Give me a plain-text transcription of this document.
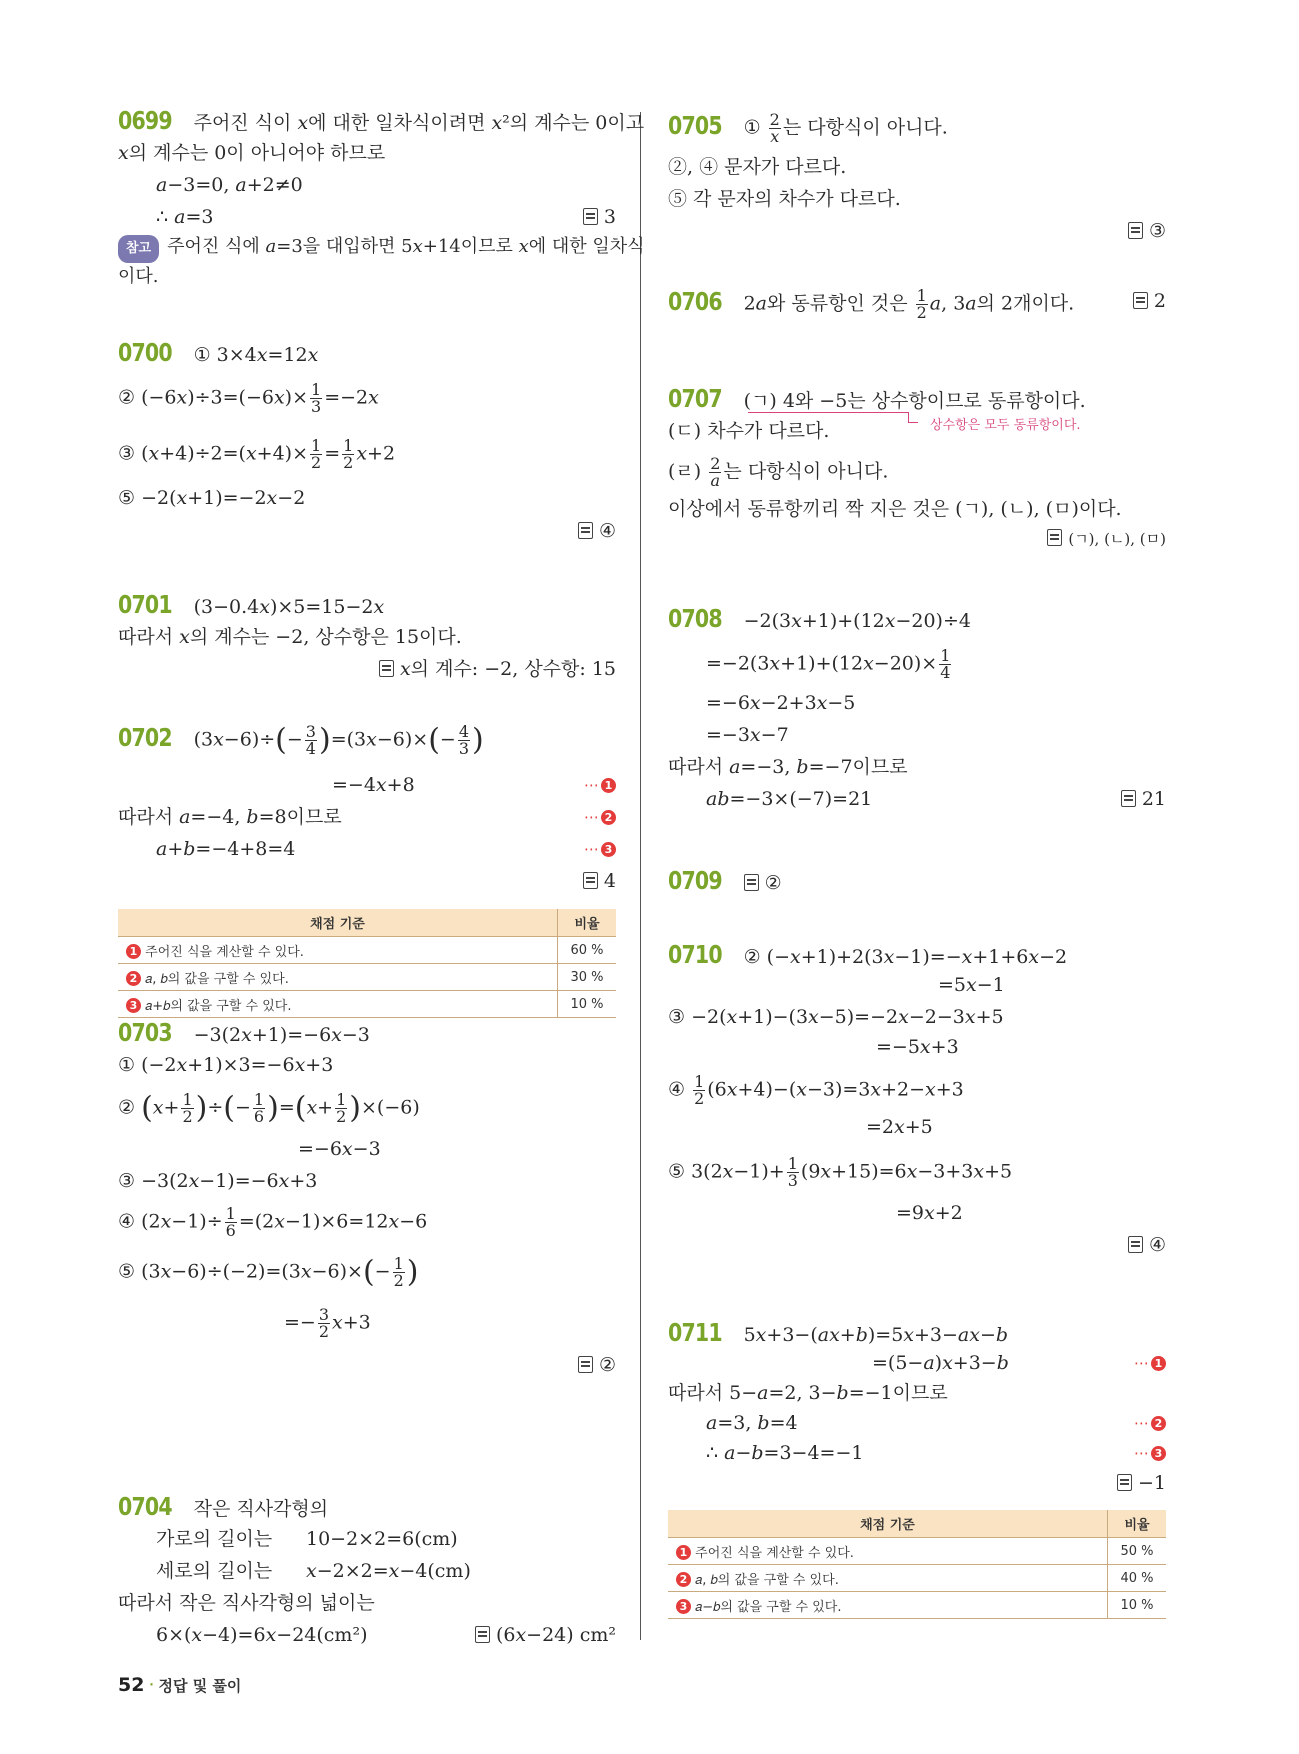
0699 주어진 식이 𝑥에 대한 일차식이려면 𝑥²의 계수는 0이고
𝑥의 계수는 0이 아니어야 하므로
𝑎−3=0, 𝑎+2≠0
∴ 𝑎=3	3
참고 주어진 식에 𝑎=3을 대입하면 5𝑥+14이므로 𝑥에 대한 일차식
이다.
0700 ① 3×4𝑥=12𝑥
② (−6𝑥)÷3=(−6𝑥)× $\frac{1}{3}$ =−2𝑥
③ (𝑥+4)÷2=(𝑥+4)× $\frac{1}{2} = \frac{1}{2}$ 𝑥+2
⑤ −2(𝑥+1)=−2𝑥−2
④
0701 (3−0.4𝑥)×5=15−2𝑥
따라서 𝑥의 계수는 −2, 상수항은 15이다.
𝑥의 계수: −2, 상수항: 15
0702 (3𝑥−6)÷(− $\frac{3}{4}$ )=(3𝑥−6)×(− $\frac{4}{3}$ )
=−4𝑥+8	⋯ 1
따라서 𝑎=−4, 𝑏=8이므로	⋯ 2
𝑎+𝑏=−4+8=4	⋯ 3
4
채점 기준	비율
1 주어진 식을 계산할 수 있다.	60 %
2 𝑎, 𝑏의 값을 구할 수 있다.	30 %
3 𝑎+𝑏의 값을 구할 수 있다.	10 %
0703 −3(2𝑥+1)=−6𝑥−3
① (−2𝑥+1)×3=−6𝑥+3
② (𝑥+ $\frac{1}{2}$ )÷(− $\frac{1}{6}$ )=(𝑥+ $\frac{1}{2} )\times(-6)$
=−6𝑥−3
③ −3(2𝑥−1)=−6𝑥+3
④ (2𝑥−1)÷ $\frac{1}{6}$ =(2𝑥−1)×6=12𝑥−6
⑤ (3𝑥−6)÷(−2)=(3𝑥−6)×(− $\frac{1}{2}$ )
=− $\frac{3}{2}$ 𝑥+3
②
0704 작은 직사각형의
가로의 길이는 10−2×2=6(cm)
세로의 길이는 𝑥−2×2=𝑥−4(cm)
따라서 작은 직사각형의 넓이는
6×(𝑥−4)=6𝑥−24(cm²)	(6𝑥−24) cm²
0705 ① $\frac{2}{\text{𝑥}}$ 는 다항식이 아니다.
②, ④ 문자가 다르다.
⑤ 각 문자의 차수가 다르다.
③
0706 2𝑎와 동류항인 것은 $\frac{1}{2}$ 𝑎, 3𝑎의 2개이다.	2
0707 (ㄱ) 4와 −5는 상수항이므로 동류항이다.
상수항은 모두 동류항이다.
(ㄷ) 차수가 다르다.
(ㄹ) $\frac{2}{\text{𝑎}}$ 는 다항식이 아니다.
이상에서 동류항끼리 짝 지은 것은 (ㄱ), (ㄴ), (ㅁ)이다.
(ㄱ), (ㄴ), (ㅁ)
0708 −2(3𝑥+1)+(12𝑥−20)÷4
=−2(3𝑥+1)+(12𝑥−20)× $\frac{1}{4}$
=−6𝑥−2+3𝑥−5
=−3𝑥−7
따라서 𝑎=−3, 𝑏=−7이므로
𝑎𝑏=−3×(−7)=21	21
0709 ②
0710 ② (−𝑥+1)+2(3𝑥−1)=−𝑥+1+6𝑥−2
=5𝑥−1
③ −2(𝑥+1)−(3𝑥−5)=−2𝑥−2−3𝑥+5
=−5𝑥+3
④ $\frac{1}{2}$ (6𝑥+4)−(𝑥−3)=3𝑥+2−𝑥+3
=2𝑥+5
⑤ 3(2𝑥−1)+ $\frac{1}{3}$ (9𝑥+15)=6𝑥−3+3𝑥+5
=9𝑥+2
④
0711 5𝑥+3−(𝑎𝑥+𝑏)=5𝑥+3−𝑎𝑥−𝑏
=(5−𝑎)𝑥+3−𝑏	⋯ 1
따라서 5−𝑎=2, 3−𝑏=−1이므로
𝑎=3, 𝑏=4	⋯ 2
∴ 𝑎−𝑏=3−4=−1	⋯ 3
−1
채점 기준	비율
1 주어진 식을 계산할 수 있다.	50 %
2 𝑎, 𝑏의 값을 구할 수 있다.	40 %
3 𝑎−𝑏의 값을 구할 수 있다.	10 %
52 · 정답 및 풀이
